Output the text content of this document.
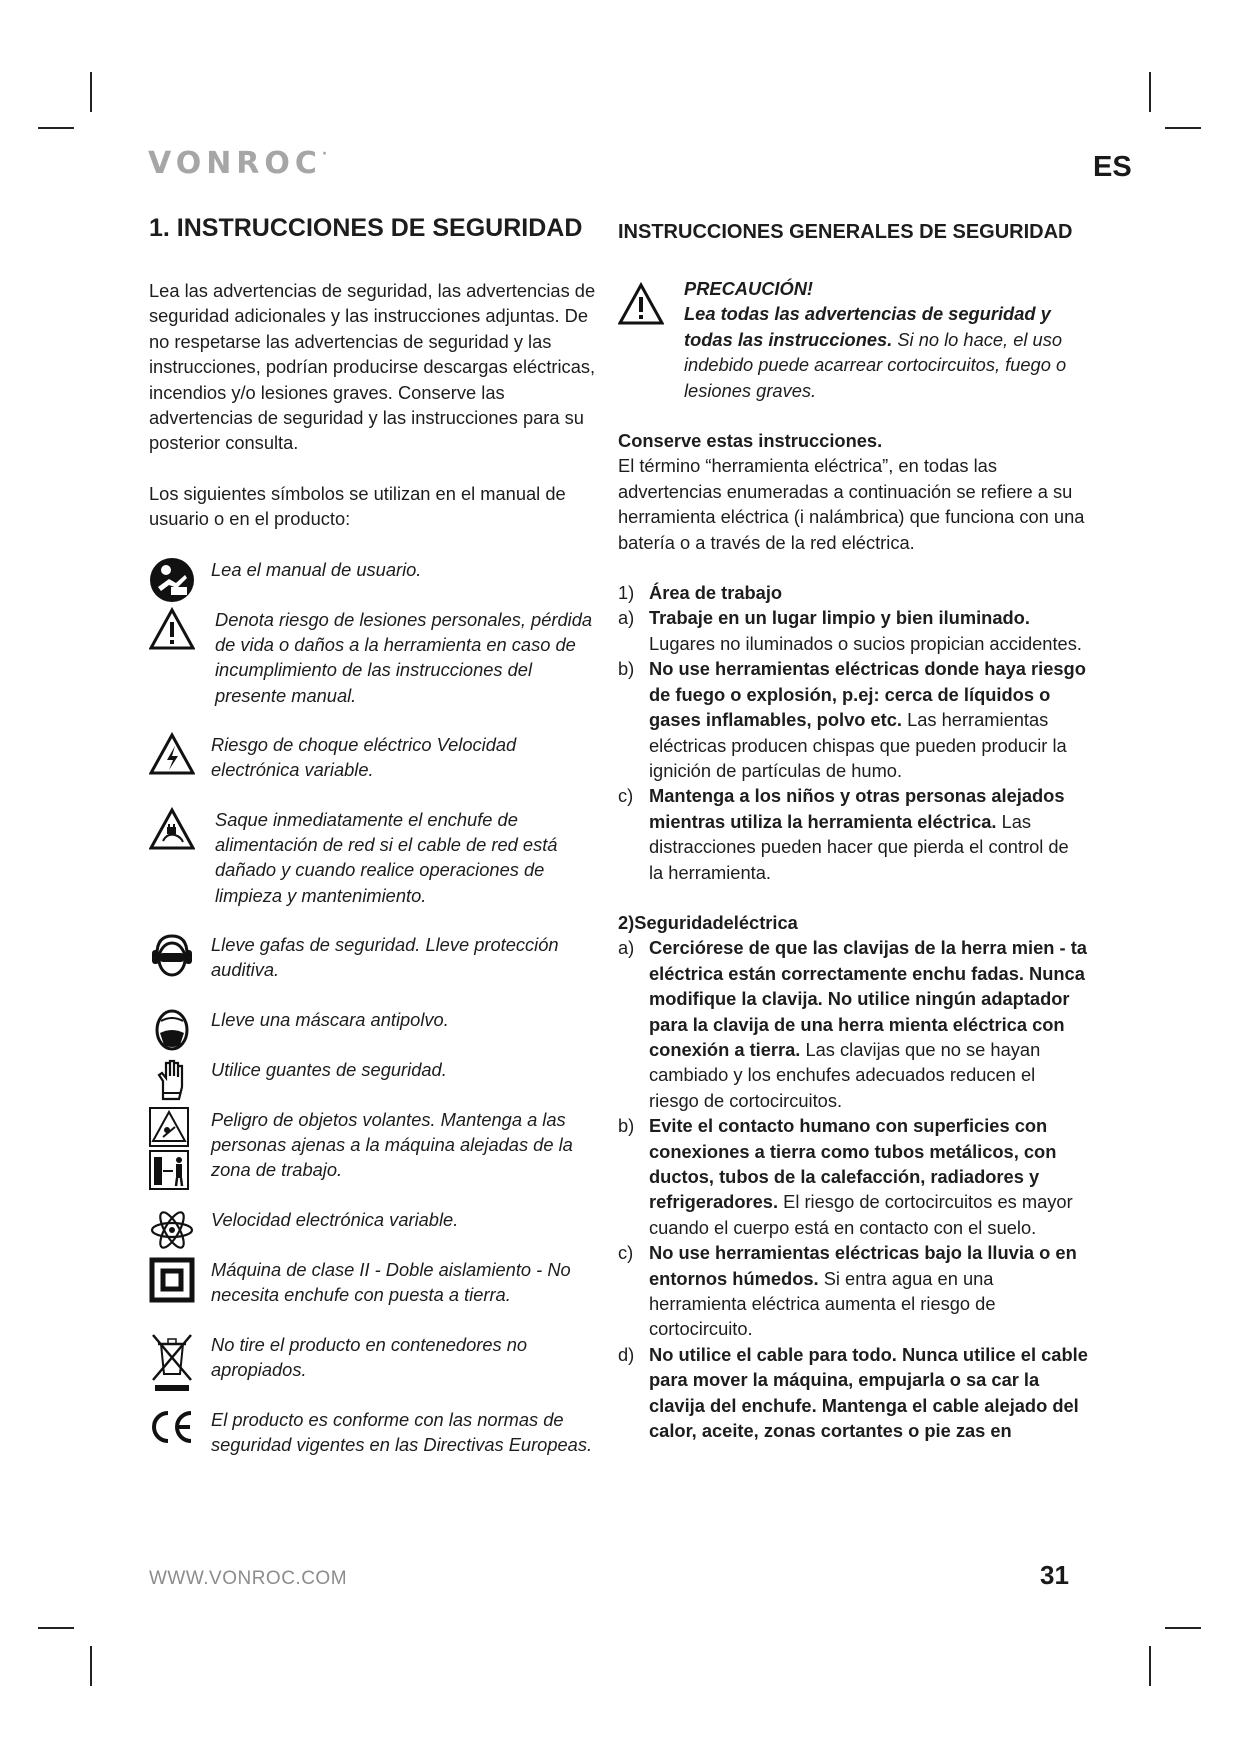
VONROC·	ES
1. INSTRUCCIONES DE SEGURIDAD

Lea las advertencias de seguridad, las advertencias de seguridad adicionales y las instrucciones adjuntas. De no respetarse las advertencias de seguridad y las instrucciones, podrían producirse descargas eléctricas, incendios y/o lesiones graves. Conserve las advertencias de seguridad y las instrucciones para su posterior consulta.

Los siguientes símbolos se utilizan en el manual de usuario o en el producto:

Lea el manual de usuario.
Denota riesgo de lesiones personales, pérdida de vida o daños a la herramienta en caso de incumplimiento de las instrucciones del presente manual.
Riesgo de choque eléctrico Velocidad electrónica variable.
Saque inmediatamente el enchufe de alimentación de red si el cable de red está dañado y cuando realice operaciones de limpieza y mantenimiento.
Lleve gafas de seguridad. Lleve protección auditiva.
Lleve una máscara antipolvo.
Utilice guantes de seguridad.
Peligro de objetos volantes. Mantenga a las personas ajenas a la máquina alejadas de la zona de trabajo.
Velocidad electrónica variable.
Máquina de clase II - Doble aislamiento - No necesita enchufe con puesta a tierra.
No tire el producto en contenedores no apropiados.
El producto es conforme con las normas de seguridad vigentes en las Directivas Europeas.
INSTRUCCIONES GENERALES DE SEGURIDAD
PRECAUCIÓN!
Lea todas las advertencias de seguridad y todas las instrucciones. Si no lo hace, el uso indebido puede acarrear cortocircuitos, fuego o lesiones graves.

Conserve estas instrucciones.

El término “herramienta eléctrica”, en todas las advertencias enumeradas a continuación se refiere a su herramienta eléctrica (i nalámbrica) que funciona con una batería o a través de la red eléctrica.

1) Área de trabajo
a) Trabaje en un lugar limpio y bien iluminado. Lugares no iluminados o sucios propician accidentes.
b) No use herramientas eléctricas donde haya riesgo de fuego o explosión, p.ej: cerca de líquidos o gases inflamables, polvo etc. Las herramientas eléctricas producen chispas que pueden producir la ignición de partículas de humo.
c) Mantenga a los niños y otras personas alejados mientras utiliza la herramienta eléctrica. Las distracciones pueden hacer que pierda el control de la herramienta.
2)Seguridadeléctrica
a) Cerciórese de que las clavijas de la herra mien - ta eléctrica están correctamente enchu fadas. Nunca modifique la clavija. No utilice ningún adaptador para la clavija de una herra mienta eléctrica con conexión a tierra. Las clavijas que no se hayan cambiado y los enchufes adecuados reducen el riesgo de cortocircuitos.
b) Evite el contacto humano con superficies con conexiones a tierra como tubos metálicos, con ductos, tubos de la calefacción, radiadores y refrigeradores. El riesgo de cortocircuitos es mayor cuando el cuerpo está en contacto con el suelo.
c) No use herramientas eléctricas bajo la lluvia o en entornos húmedos. Si entra agua en una herramienta eléctrica aumenta el riesgo de cortocircuito.
d) No utilice el cable para todo. Nunca utilice el cable para mover la máquina, empujarla o sa car la clavija del enchufe. Mantenga el cable alejado del calor, aceite, zonas cortantes o pie zas en
WWW.VONROC.COM	31
